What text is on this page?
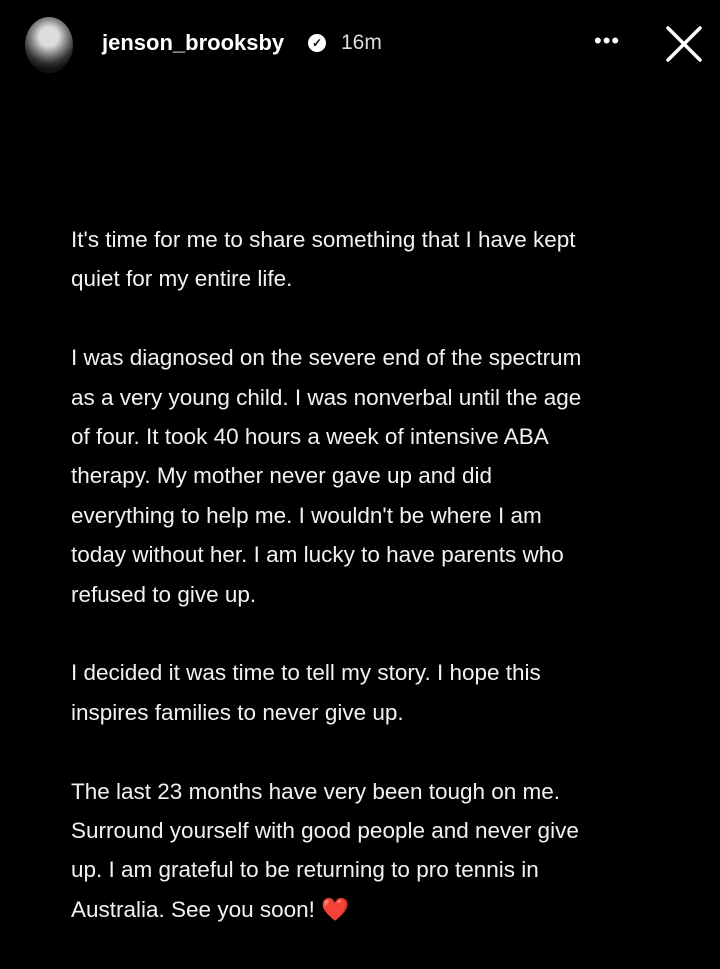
jenson_brooksby	✓ 16m	•••
It's time for me to share something that I have kept
quiet for my entire life.
I was diagnosed on the severe end of the spectrum
as a very young child. I was nonverbal until the age
of four. It took 40 hours a week of intensive ABA
therapy. My mother never gave up and did
everything to help me. I wouldn't be where I am
today without her. I am lucky to have parents who
refused to give up.
I decided it was time to tell my story. I hope this
inspires families to never give up.
The last 23 months have very been tough on me.
Surround yourself with good people and never give
up. I am grateful to be returning to pro tennis in
Australia. See you soon! ❤️
